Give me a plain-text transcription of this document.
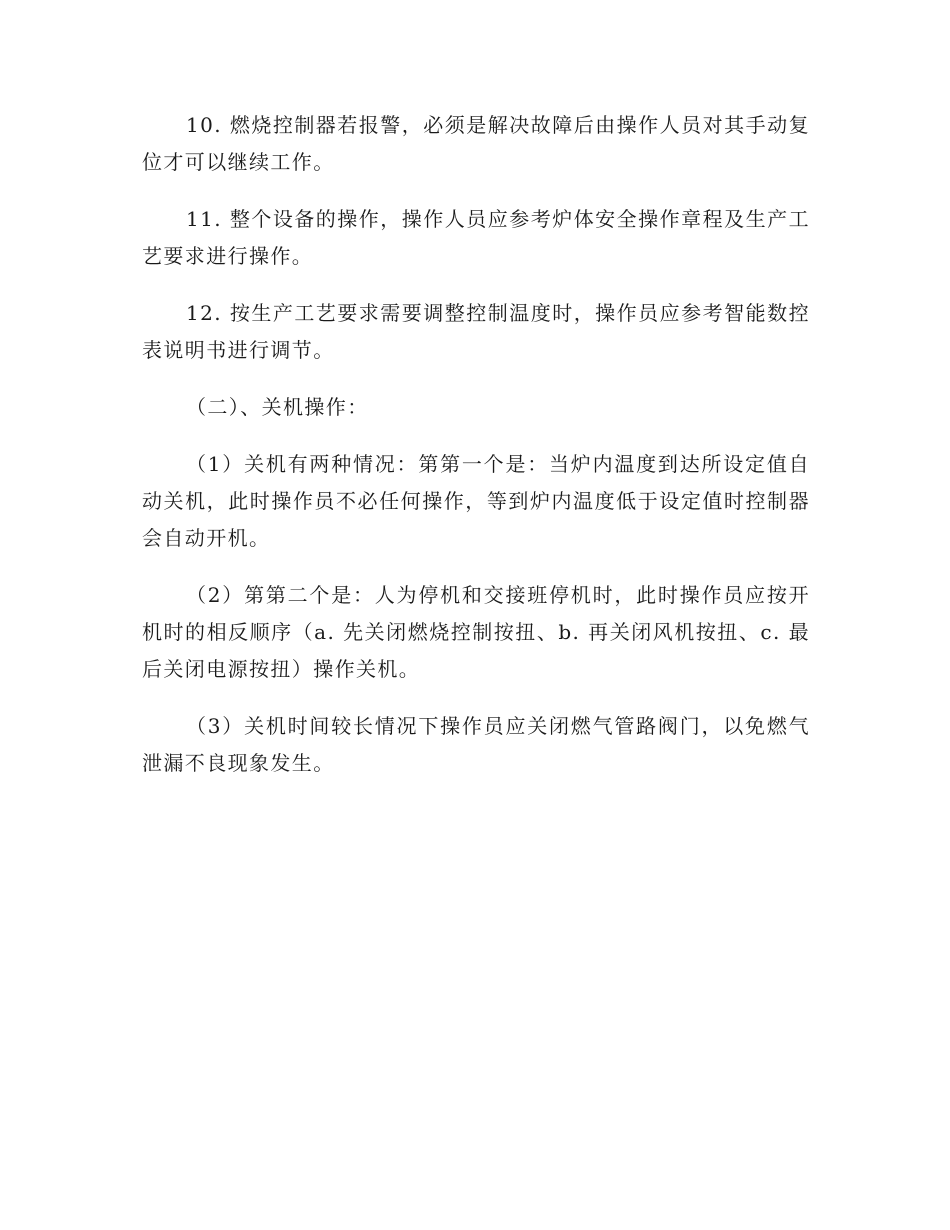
10. 燃烧控制器若报警，必须是解决故障后由操作人员对其手动复位才可以继续工作。

11. 整个设备的操作，操作人员应参考炉体安全操作章程及生产工艺要求进行操作。

12. 按生产工艺要求需要调整控制温度时，操作员应参考智能数控表说明书进行调节。

（二）、关机操作：

（1）关机有两种情况：第第一个是：当炉内温度到达所设定值自动关机，此时操作员不必任何操作，等到炉内温度低于设定值时控制器会自动开机。

（2）第第二个是：人为停机和交接班停机时，此时操作员应按开机时的相反顺序（a. 先关闭燃烧控制按扭、b. 再关闭风机按扭、c. 最后关闭电源按扭）操作关机。

（3）关机时间较长情况下操作员应关闭燃气管路阀门，以免燃气泄漏不良现象发生。
